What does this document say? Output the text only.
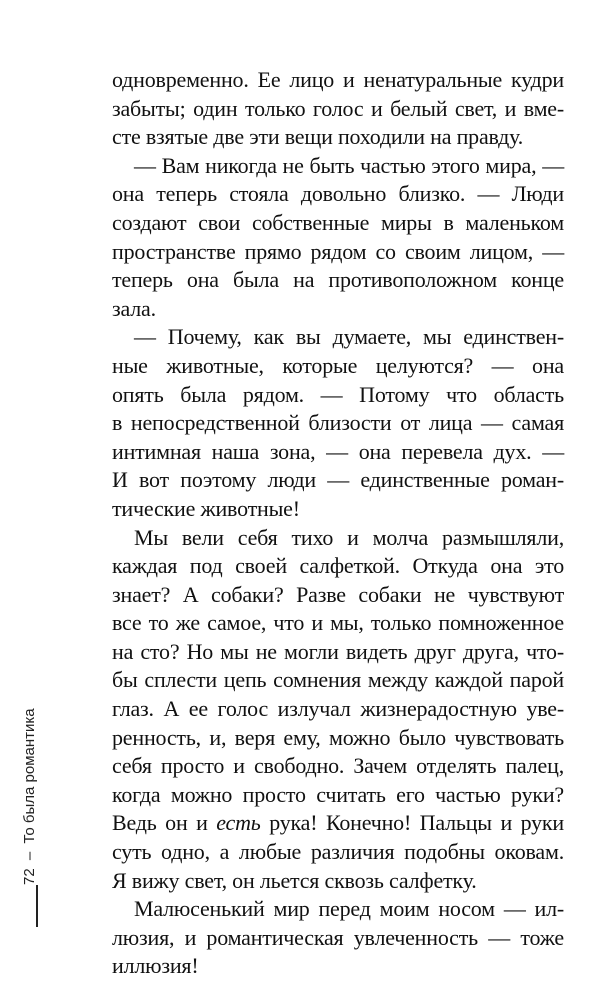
одновременно. Ее лицо и ненатуральные кудри
забыты; один только голос и белый свет, и вме-
сте взятые две эти вещи походили на правду.
— Вам никогда не быть частью этого мира, —
она теперь стояла довольно близко. — Люди
создают свои собственные миры в маленьком
пространстве прямо рядом со своим лицом, —
теперь она была на противоположном конце
зала.
— Почему, как вы думаете, мы единствен-
ные животные, которые целуются? — она
опять была рядом. — Потому что область
в непосредственной близости от лица — самая
интимная наша зона, — она перевела дух. —
И вот поэтому люди — единственные роман-
тические животные!
Мы вели себя тихо и молча размышляли,
каждая под своей салфеткой. Откуда она это
знает? А собаки? Разве собаки не чувствуют
все то же самое, что и мы, только помноженное
на сто? Но мы не могли видеть друг друга, что-
бы сплести цепь сомнения между каждой парой
глаз. А ее голос излучал жизнерадостную уве-
ренность, и, веря ему, можно было чувствовать
себя просто и свободно. Зачем отделять палец,
когда можно просто считать его частью руки?
Ведь он и есть рука! Конечно! Пальцы и руки
суть одно, а любые различия подобны оковам.
Я вижу свет, он льется сквозь салфетку.
Малюсенький мир перед моим носом — ил-
люзия, и романтическая увлеченность — тоже
иллюзия!
72 – То была романтика
